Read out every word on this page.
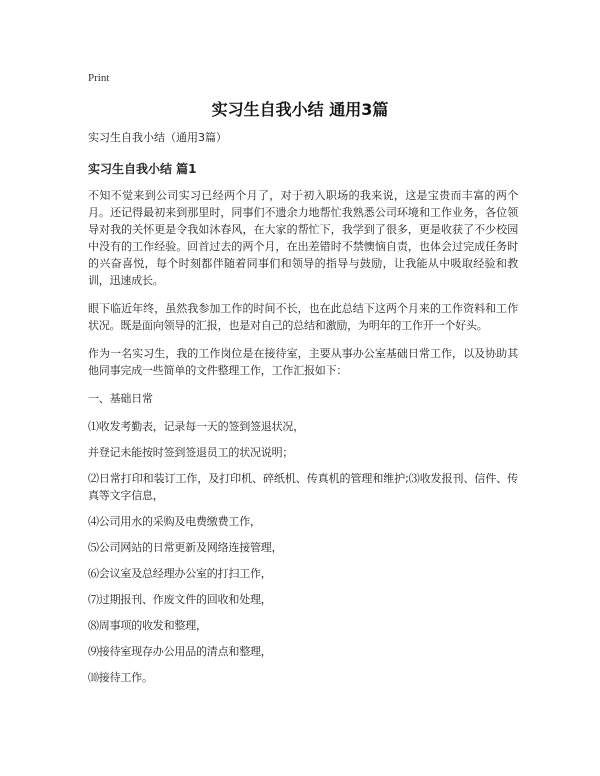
Print
实习生自我小结 通用3篇
实习生自我小结（通用3篇）
实习生自我小结 篇1

不知不觉来到公司实习已经两个月了，对于初入职场的我来说，这是宝贵而丰富的两个月。还记得最初来到那里时，同事们不遗余力地帮忙我熟悉公司环境和工作业务，各位领导对我的关怀更是令我如沐春风，在大家的帮忙下，我学到了很多，更是收获了不少校园中没有的工作经验。回首过去的两个月，在出差错时不禁懊恼自责，也体会过完成任务时的兴奋喜悦，每个时刻都伴随着同事们和领导的指导与鼓励，让我能从中吸取经验和教训，迅速成长。

眼下临近年终，虽然我参加工作的时间不长，也在此总结下这两个月来的工作资料和工作状况。既是面向领导的汇报，也是对自己的总结和激励，为明年的工作开一个好头。

作为一名实习生，我的工作岗位是在接待室，主要从事办公室基础日常工作，以及协助其他同事完成一些简单的文件整理工作，工作汇报如下：

一、基础日常

⑴收发考勤表，记录每一天的签到签退状况，

并登记未能按时签到签退员工的状况说明；

⑵日常打印和装订工作，及打印机、碎纸机、传真机的管理和维护;⑶收发报刊、信件、传真等文字信息，

⑷公司用水的采购及电费缴费工作，

⑸公司网站的日常更新及网络连接管理，

⑹会议室及总经理办公室的打扫工作，

⑺过期报刊、作废文件的回收和处理，

⑻周事项的收发和整理，

⑼接待室现存办公用品的清点和整理，

⑽接待工作。
